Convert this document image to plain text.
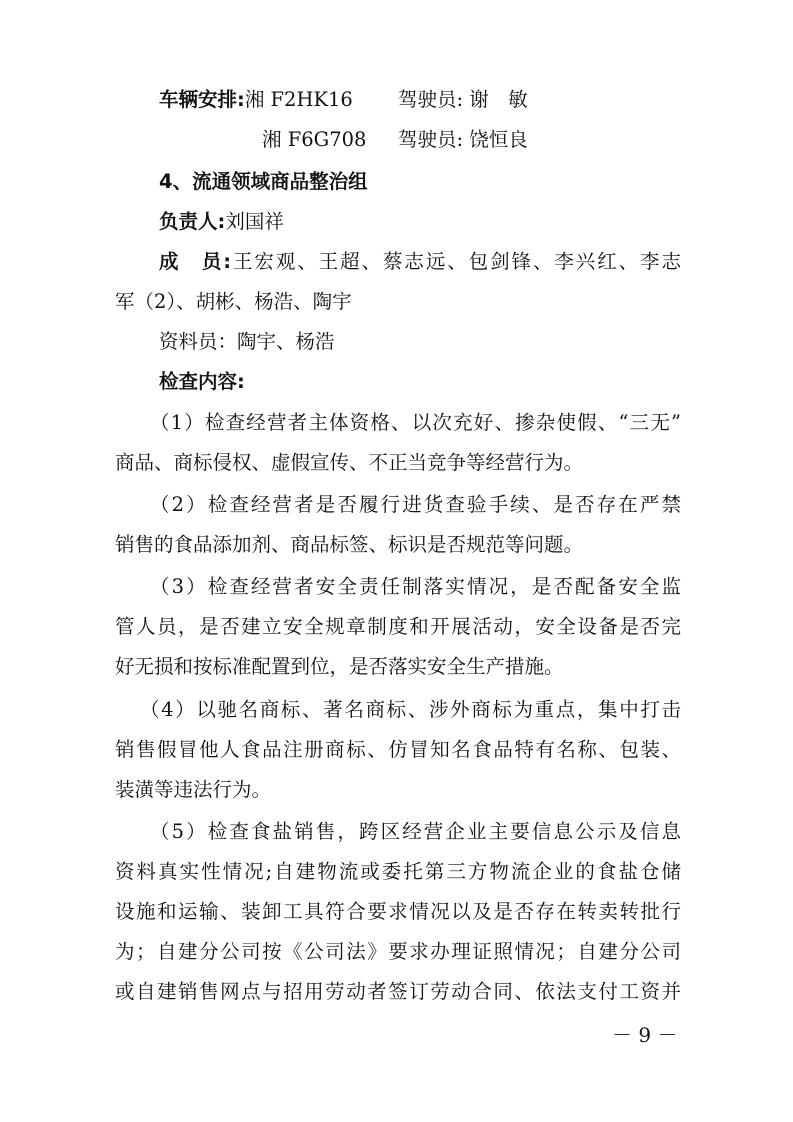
车辆安排:湘 F2HK16 驾驶员: 谢　敏
湘 F6G708 驾驶员: 饶恒良
4、流通领域商品整治组
负责人:刘国祥
成　员:王宏观、王超、蔡志远、包剑锋、李兴红、李志
军（2）、胡彬、杨浩、陶宇
资料员：陶宇、杨浩
检查内容:
（1）检查经营者主体资格、以次充好、掺杂使假、“三无”
商品、商标侵权、虚假宣传、不正当竞争等经营行为。
（2）检查经营者是否履行进货查验手续、是否存在严禁
销售的食品添加剂、商品标签、标识是否规范等问题。
（3）检查经营者安全责任制落实情况，是否配备安全监
管人员，是否建立安全规章制度和开展活动，安全设备是否完
好无损和按标准配置到位，是否落实安全生产措施。
（4）以驰名商标、著名商标、涉外商标为重点，集中打击
销售假冒他人食品注册商标、仿冒知名食品特有名称、包装、
装潢等违法行为。
（5）检查食盐销售，跨区经营企业主要信息公示及信息
资料真实性情况;自建物流或委托第三方物流企业的食盐仓储
设施和运输、装卸工具符合要求情况以及是否存在转卖转批行
为；自建分公司按《公司法》要求办理证照情况；自建分公司
或自建销售网点与招用劳动者签订劳动合同、依法支付工资并
－ 9 －
